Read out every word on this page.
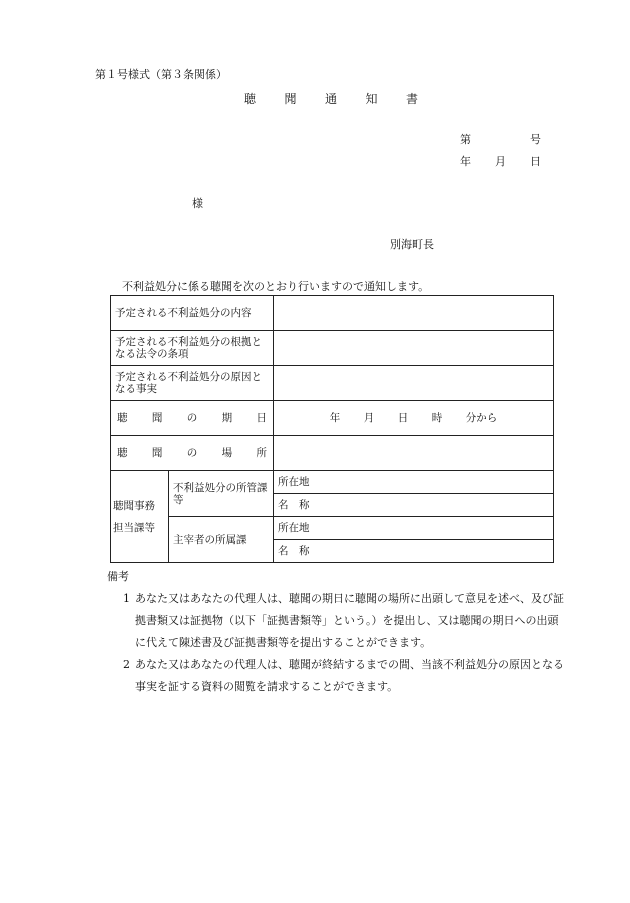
第１号様式（第３条関係）
聴 聞 通 知 書
第	号
年 月 日
様
別海町長
不利益処分に係る聴聞を次のとおり行いますので通知します。
予定される不利益処分の内容		
予定される不利益処分の根拠となる法令の条項		
予定される不利益処分の原因となる事実		

聴 聞 の 期 日		年 月 日 時 分から

聴 聞 の 場 所		

聴聞事務
担当課等	不利益処分の所管課等	所在地
		名　称
	主宰者の所属課	所在地
		名　称
備考
1 あなた又はあなたの代理人は、聴聞の期日に聴聞の場所に出頭して意見を述べ、及び証拠書類又は証拠物（以下「証拠書類等」という。）を提出し、又は聴聞の期日への出頭に代えて陳述書及び証拠書類等を提出することができます。
2 あなた又はあなたの代理人は、聴聞が終結するまでの間、当該不利益処分の原因となる事実を証する資料の閲覧を請求することができます。
